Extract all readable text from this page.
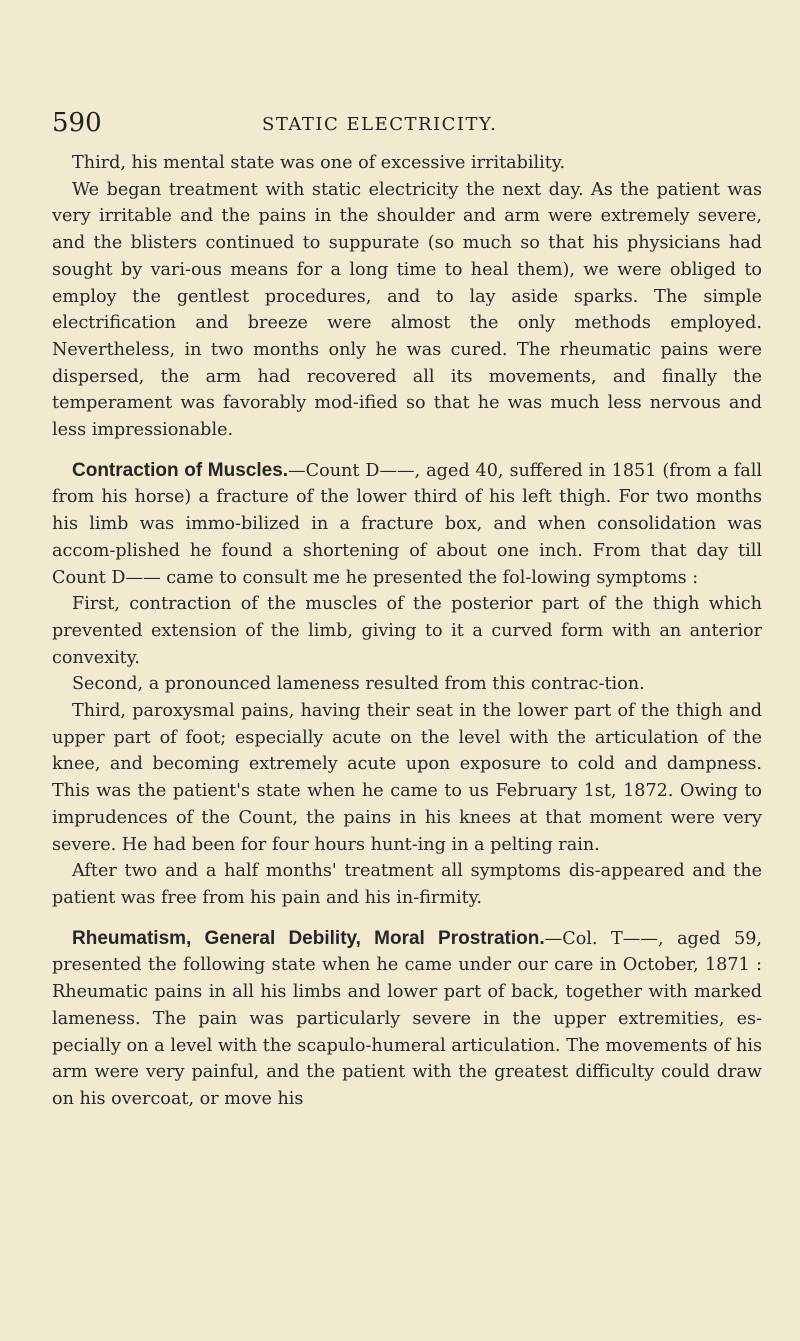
590	STATIC ELECTRICITY.

Third, his mental state was one of excessive irritability.

We began treatment with static electricity the next day. As the patient was very irritable and the pains in the shoulder and arm were extremely severe, and the blisters continued to suppurate (so much so that his physicians had sought by vari-ous means for a long time to heal them), we were obliged to employ the gentlest procedures, and to lay aside sparks. The simple electrification and breeze were almost the only methods employed. Nevertheless, in two months only he was cured. The rheumatic pains were dispersed, the arm had recovered all its movements, and finally the temperament was favorably mod-ified so that he was much less nervous and less impressionable.

Contraction of Muscles.—Count D——, aged 40, suffered in 1851 (from a fall from his horse) a fracture of the lower third of his left thigh. For two months his limb was immo-bilized in a fracture box, and when consolidation was accom-plished he found a shortening of about one inch. From that day till Count D—— came to consult me he presented the fol-lowing symptoms :

First, contraction of the muscles of the posterior part of the thigh which prevented extension of the limb, giving to it a curved form with an anterior convexity.

Second, a pronounced lameness resulted from this contrac-tion.

Third, paroxysmal pains, having their seat in the lower part of the thigh and upper part of foot; especially acute on the level with the articulation of the knee, and becoming extremely acute upon exposure to cold and dampness. This was the patient's state when he came to us February 1st, 1872. Owing to imprudences of the Count, the pains in his knees at that moment were very severe. He had been for four hours hunt-ing in a pelting rain.

After two and a half months' treatment all symptoms dis-appeared and the patient was free from his pain and his in-firmity.

Rheumatism, General Debility, Moral Prostration.—Col. T——, aged 59, presented the following state when he came under our care in October, 1871 : Rheumatic pains in all his limbs and lower part of back, together with marked lameness. The pain was particularly severe in the upper extremities, es-pecially on a level with the scapulo-humeral articulation. The movements of his arm were very painful, and the patient with the greatest difficulty could draw on his overcoat, or move his
